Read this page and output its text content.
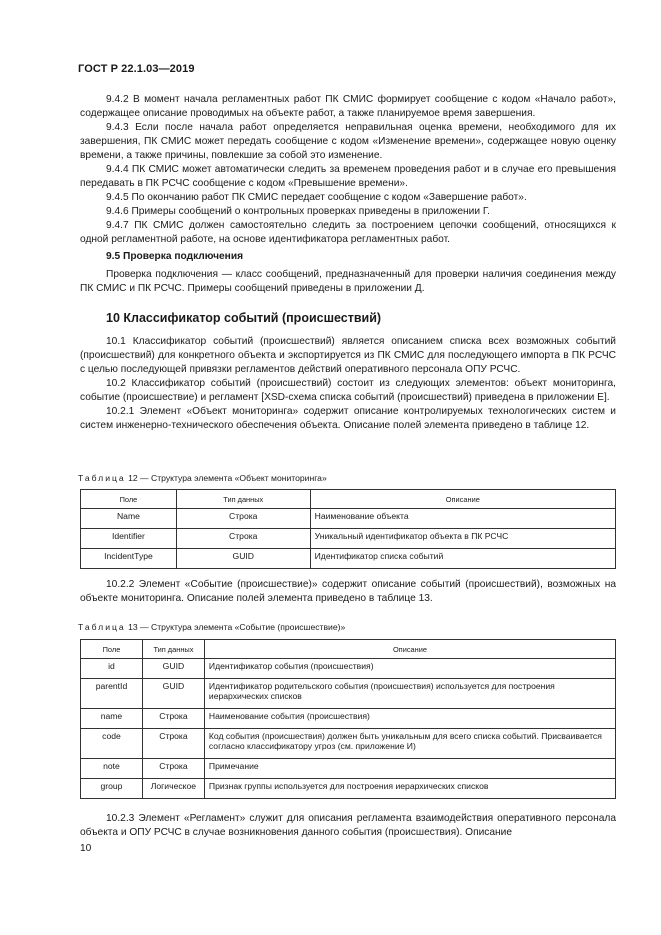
ГОСТ Р 22.1.03—2019

9.4.2 В момент начала регламентных работ ПК СМИС формирует сообщение с кодом «Начало работ», содержащее описание проводимых на объекте работ, а также планируемое время завершения.

9.4.3 Если после начала работ определяется неправильная оценка времени, необходимого для их завершения, ПК СМИС может передать сообщение с кодом «Изменение времени», содержащее новую оценку времени, а также причины, повлекшие за собой это изменение.

9.4.4 ПК СМИС может автоматически следить за временем проведения работ и в случае его превышения передавать в ПК РСЧС сообщение с кодом «Превышение времени».

9.4.5 По окончанию работ ПК СМИС передает сообщение с кодом «Завершение работ».

9.4.6 Примеры сообщений о контрольных проверках приведены в приложении Г.

9.4.7 ПК СМИС должен самостоятельно следить за построением цепочки сообщений, относящихся к одной регламентной работе, на основе идентификатора регламентных работ.

9.5 Проверка подключения

Проверка подключения — класс сообщений, предназначенный для проверки наличия соединения между ПК СМИС и ПК РСЧС. Примеры сообщений приведены в приложении Д.

10 Классификатор событий (происшествий)

10.1 Классификатор событий (происшествий) является описанием списка всех возможных событий (происшествий) для конкретного объекта и экспортируется из ПК СМИС для последующего импорта в ПК РСЧС с целью последующей привязки регламентов действий оперативного персонала ОПУ РСЧС.

10.2 Классификатор событий (происшествий) состоит из следующих элементов: объект мониторинга, событие (происшествие) и регламент [XSD-схема списка событий (происшествий) приведена в приложении Е].

10.2.1 Элемент «Объект мониторинга» содержит описание контролируемых технологических систем и систем инженерно-технического обеспечения объекта. Описание полей элемента приведено в таблице 12.

Таблица 12 — Структура элемента «Объект мониторинга»

Поле	Тип данных	Описание
Name	Строка	Наименование объекта
Identifier	Строка	Уникальный идентификатор объекта в ПК РСЧС
IncidentType	GUID	Идентификатор списка событий

10.2.2 Элемент «Событие (происшествие)» содержит описание событий (происшествий), возможных на объекте мониторинга. Описание полей элемента приведено в таблице 13.

Таблица 13 — Структура элемента «Событие (происшествие)»

Поле	Тип данных	Описание
id	GUID	Идентификатор события (происшествия)
parentId	GUID	Идентификатор родительского события (происшествия) используется для построения иерархических списков
name	Строка	Наименование события (происшествия)
code	Строка	Код события (происшествия) должен быть уникальным для всего списка событий. Присваивается согласно классификатору угроз (см. приложение И)
note	Строка	Примечание
group	Логическое	Признак группы используется для построения иерархических списков

10.2.3 Элемент «Регламент» служит для описания регламента взаимодействия оперативного персонала объекта и ОПУ РСЧС в случае возникновения данного события (происшествия). Описание

10
